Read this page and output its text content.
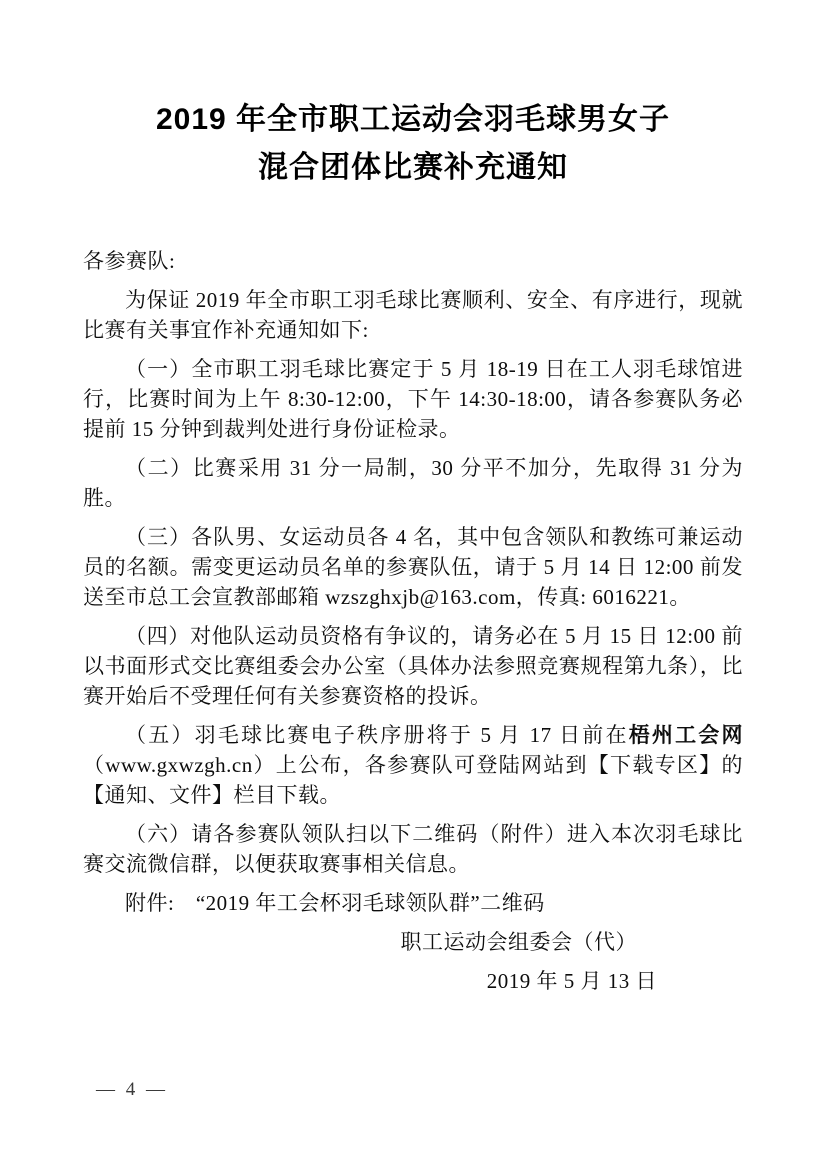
2019 年全市职工运动会羽毛球男女子
混合团体比赛补充通知

各参赛队:

为保证 2019 年全市职工羽毛球比赛顺利、安全、有序进行，现就比赛有关事宜作补充通知如下:

（一）全市职工羽毛球比赛定于 5 月 18-19 日在工人羽毛球馆进行，比赛时间为上午 8:30-12:00，下午 14:30-18:00，请各参赛队务必提前 15 分钟到裁判处进行身份证检录。

（二）比赛采用 31 分一局制，30 分平不加分，先取得 31 分为胜。

（三）各队男、女运动员各 4 名，其中包含领队和教练可兼运动员的名额。需变更运动员名单的参赛队伍，请于 5 月 14 日 12:00 前发送至市总工会宣教部邮箱 wzszghxjb@163.com，传真: 6016221。

（四）对他队运动员资格有争议的，请务必在 5 月 15 日 12:00 前以书面形式交比赛组委会办公室（具体办法参照竞赛规程第九条），比赛开始后不受理任何有关参赛资格的投诉。

（五）羽毛球比赛电子秩序册将于 5 月 17 日前在梧州工会网（www.gxwzgh.cn）上公布，各参赛队可登陆网站到【下载专区】的【通知、文件】栏目下载。

（六）请各参赛队领队扫以下二维码（附件）进入本次羽毛球比赛交流微信群，以便获取赛事相关信息。

附件:　“2019 年工会杯羽毛球领队群”二维码

职工运动会组委会（代）

2019 年 5 月 13 日

— 4 —
